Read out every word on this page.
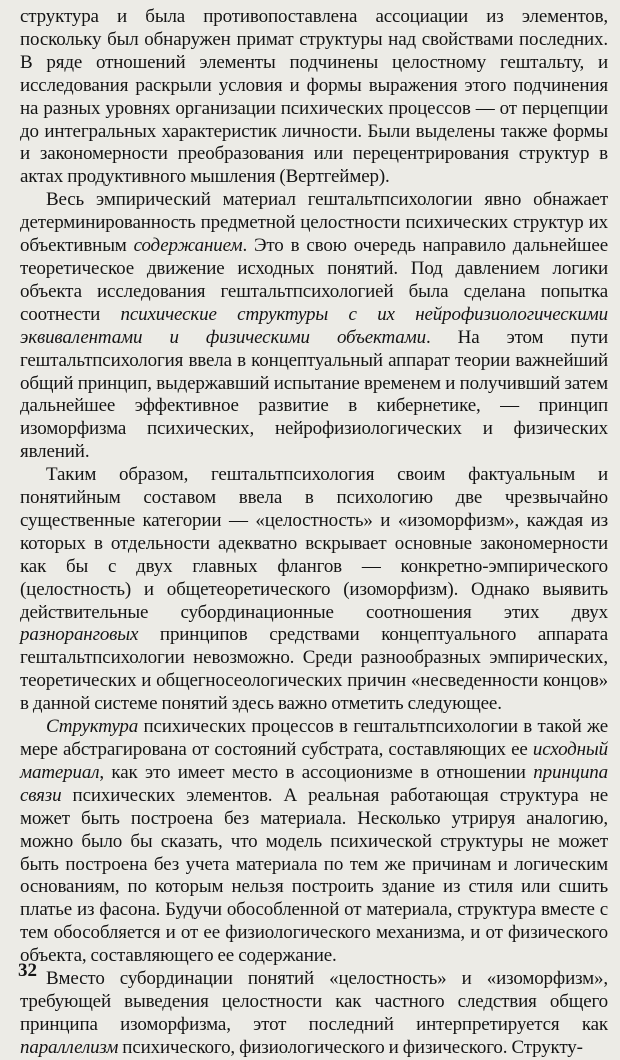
структура и была противопоставлена ассоциации из элементов, поскольку был обнаружен примат структуры над свойствами последних. В ряде отношений элементы подчинены целостному гештальту, и исследования раскрыли условия и формы выражения этого подчинения на разных уровнях организации психических процессов — от перцепции до интегральных характеристик личности. Были выделены также формы и закономерности преобразования или перецентрирования структур в актах продуктивного мышления (Вертгеймер).

Весь эмпирический материал гештальтпсихологии явно обнажает детерминированность предметной целостности психических структур их объективным содержанием. Это в свою очередь направило дальнейшее теоретическое движение исходных понятий. Под давлением логики объекта исследования гештальтпсихологией была сделана попытка соотнести психические структуры с их нейрофизиологическими эквивалентами и физическими объектами. На этом пути гештальтпсихология ввела в концептуальный аппарат теории важнейший общий принцип, выдержавший испытание временем и получивший затем дальнейшее эффективное развитие в кибернетике, — принцип изоморфизма психических, нейрофизиологических и физических явлений.

Таким образом, гештальтпсихология своим фактуальным и понятийным составом ввела в психологию две чрезвычайно существенные категории — «целостность» и «изоморфизм», каждая из которых в отдельности адекватно вскрывает основные закономерности как бы с двух главных флангов — конкретно-эмпирического (целостность) и общетеоретического (изоморфизм). Однако выявить действительные субординационные соотношения этих двух разноранговых принципов средствами концептуального аппарата гештальтпсихологии невозможно. Среди разнообразных эмпирических, теоретических и общегносеологических причин «несведенности концов» в данной системе понятий здесь важно отметить следующее.

Структура психических процессов в гештальтпсихологии в такой же мере абстрагирована от состояний субстрата, составляющих ее исходный материал, как это имеет место в ассоционизме в отношении принципа связи психических элементов. А реальная работающая структура не может быть построена без материала. Несколько утрируя аналогию, можно было бы сказать, что модель психической структуры не может быть построена без учета материала по тем же причинам и логическим основаниям, по которым нельзя построить здание из стиля или сшить платье из фасона. Будучи обособленной от материала, структура вместе с тем обособляется и от ее физиологического механизма, и от физического объекта, составляющего ее содержание.

Вместо субординации понятий «целостность» и «изоморфизм», требующей выведения целостности как частного следствия общего принципа изоморфизма, этот последний интерпретируется как параллелизм психического, физиологического и физического. Структу-

32
